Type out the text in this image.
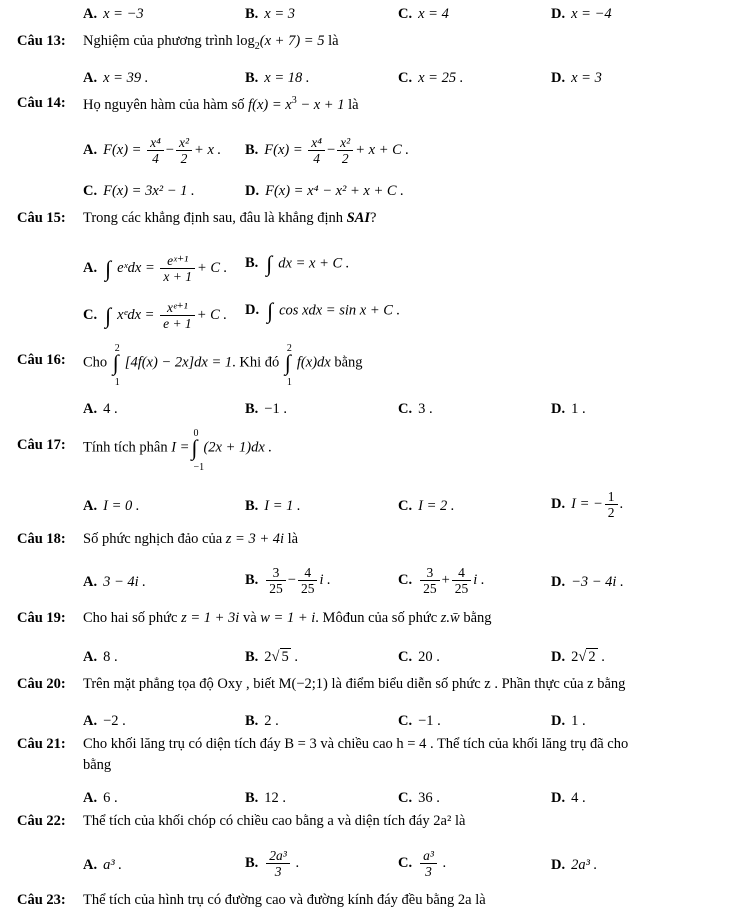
A. x = −3	B. x = 3	C. x = 4	D. x = −4
Câu 13: Nghiệm của phương trình $\log_2(x + 7) = 5$ là
A. x = 39 .	B. x = 18 .	C. x = 25 .	D. x = 3
Câu 14: Họ nguyên hàm của hàm số $f(x) = x^3 - x + 1$ là
A. $F(x) = \frac{\text{x⁴}}{4} - \frac{\text{x²}}{2} + x$ . B. $F(x) = \frac{\text{x⁴}}{4} - \frac{\text{x²}}{2} + x + C$ .
C. F(x) = 3x² − 1 .	D. F(x) = x⁴ − x² + x + C .
Câu 15: Trong các khẳng định sau, đâu là khẳng định SAI?
A. ∫ eˣdx = $\frac{\text{eˣ⁺¹}}{x + 1} + C$ . B. ∫ dx = x + C .
C. ∫ xᵉdx = $\frac{\text{xᵉ⁺¹}}{e + 1} + C$ . D. ∫ cos xdx = sin x + C .
Câu 16: Cho ∫
2
1
[4f(x) − 2x]dx = 1. Khi đó ∫
2
1
f(x)dx bằng
A. 4 .	B. −1 .	C. 3 .	D. 1 .
Câu 17: Tính tích phân I =∫
0
−1
(2x + 1)dx .
A. I = 0 .	B. I = 1 .	C. I = 2 .	D. I = − $\frac{1}{2}$ .
Câu 18: Số phức nghịch đảo của z = 3 + 4i là
A. 3 − 4i .	B. $\frac{3}{25} - \frac{4}{25}$ i .	C. $\frac{3}{25} + \frac{4}{25}$ i .	D. −3 − 4i .
Câu 19: Cho hai số phức z = 1 + 3i và w = 1 + i. Môđun của số phức z.w̄ bằng
A. 8 .	B. 2√ 5 .	C. 20 .	D. 2√ 2 .
Câu 20: Trên mặt phẳng tọa độ Oxy , biết M(−2;1) là điểm biểu diễn số phức z . Phần thực của z bằng
A. −2 .	B. 2 .	C. −1 .	D. 1 .
Câu 21: Cho khối lăng trụ có diện tích đáy B = 3 và chiều cao h = 4 . Thể tích của khối lăng trụ đã cho
bằng
A. 6 .	B. 12 .	C. 36 .	D. 4 .
Câu 22: Thể tích của khối chóp có chiều cao bằng a và diện tích đáy 2a² là
A. a³ .	B. $\frac{\text{2a³}}{3}$ .	C. $\frac{\text{a³}}{3}$ .	D. 2a³ .
Câu 23: Thể tích của hình trụ có đường cao và đường kính đáy đều bằng 2a là
